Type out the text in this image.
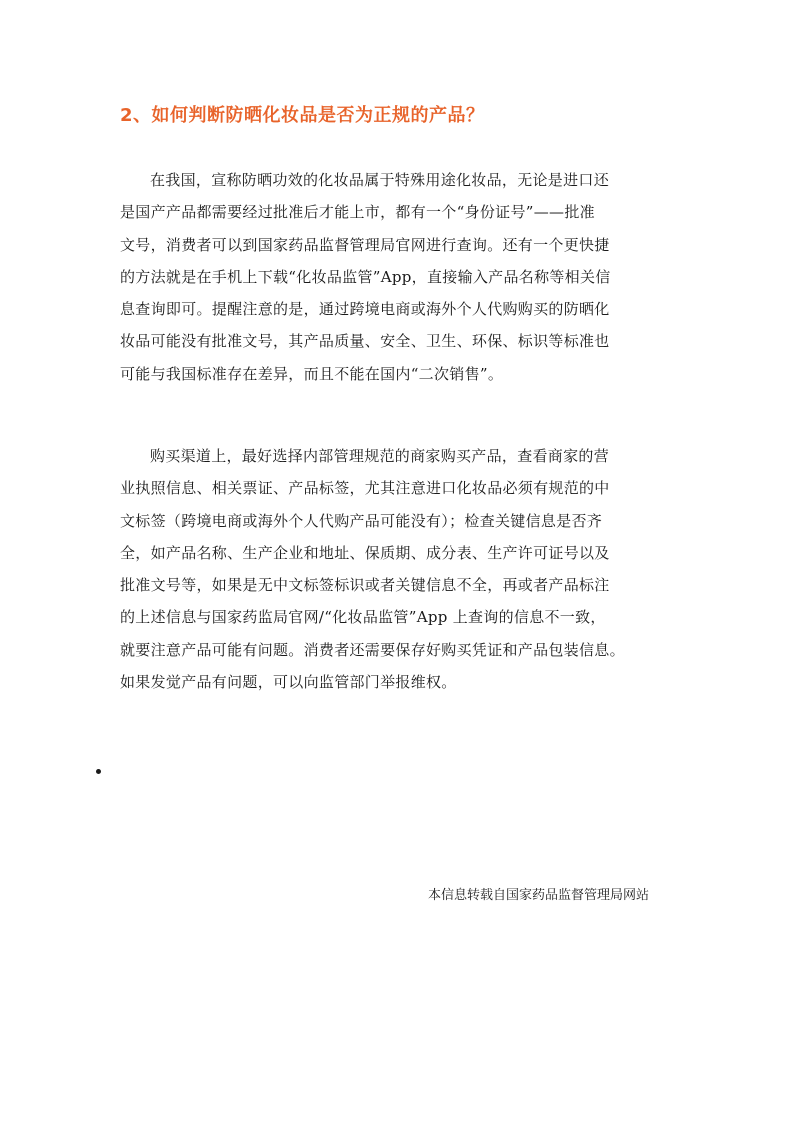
2、如何判断防晒化妆品是否为正规的产品？
在我国，宣称防晒功效的化妆品属于特殊用途化妆品，无论是进口还
是国产产品都需要经过批准后才能上市，都有一个“身份证号”——批准
文号，消费者可以到国家药品监督管理局官网进行查询。还有一个更快捷
的方法就是在手机上下载“化妆品监管”App，直接输入产品名称等相关信
息查询即可。提醒注意的是，通过跨境电商或海外个人代购购买的防晒化
妆品可能没有批准文号，其产品质量、安全、卫生、环保、标识等标准也
可能与我国标准存在差异，而且不能在国内“二次销售”。
购买渠道上，最好选择内部管理规范的商家购买产品，查看商家的营
业执照信息、相关票证、产品标签，尤其注意进口化妆品必须有规范的中
文标签（跨境电商或海外个人代购产品可能没有）；检查关键信息是否齐
全，如产品名称、生产企业和地址、保质期、成分表、生产许可证号以及
批准文号等，如果是无中文标签标识或者关键信息不全，再或者产品标注
的上述信息与国家药监局官网/“化妆品监管”App 上查询的信息不一致，
就要注意产品可能有问题。消费者还需要保存好购买凭证和产品包装信息。
如果发觉产品有问题，可以向监管部门举报维权。

本信息转载自国家药品监督管理局网站
